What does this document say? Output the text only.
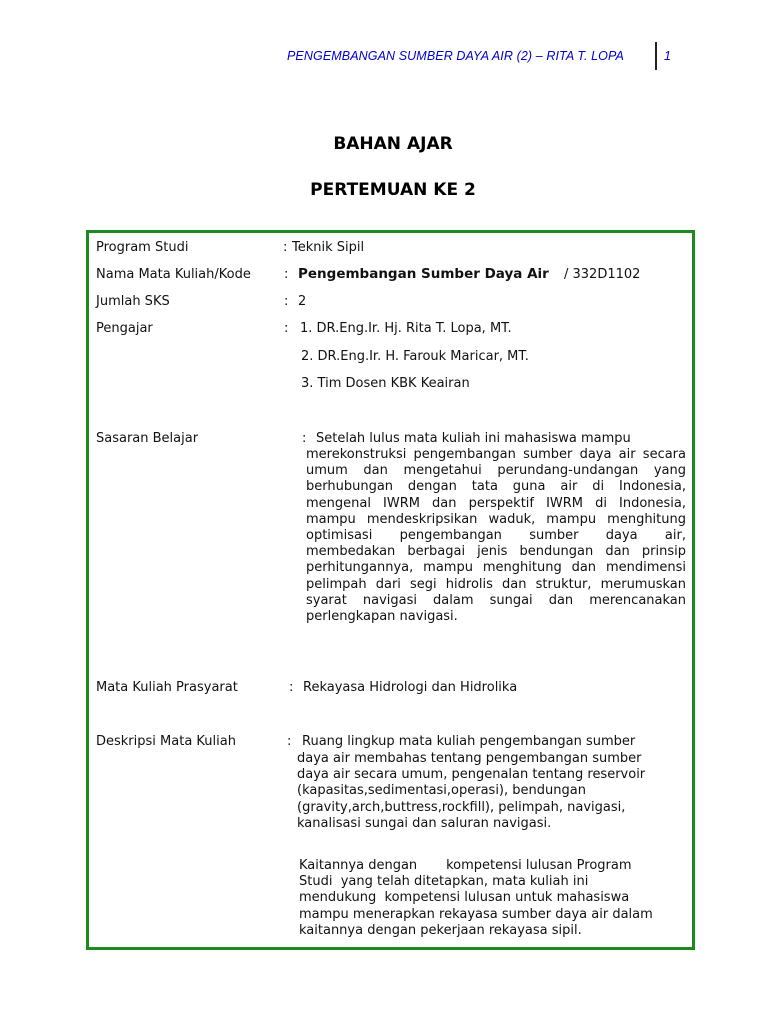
PENGEMBANGAN SUMBER DAYA AIR (2) – RITA T. LOPA	1
BAHAN AJAR
PERTEMUAN KE 2
Program Studi	: Teknik Sipil
Nama Mata Kuliah/Kode	: Pengembangan Sumber Daya Air / 332D1102
Jumlah SKS	: 2
Pengajar	: 1. DR.Eng.Ir. Hj. Rita T. Lopa, MT.
2. DR.Eng.Ir. H. Farouk Maricar, MT.
3. Tim Dosen KBK Keairan
Sasaran Belajar	: Setelah lulus mata kuliah ini mahasiswa mampu
merekonstruksi pengembangan sumber daya air secara
umum dan mengetahui perundang-undangan yang
berhubungan dengan tata guna air di Indonesia,
mengenal IWRM dan perspektif IWRM di Indonesia,
mampu mendeskripsikan waduk, mampu menghitung
optimisasi pengembangan sumber daya air,
membedakan berbagai jenis bendungan dan prinsip
perhitungannya, mampu menghitung dan mendimensi
pelimpah dari segi hidrolis dan struktur, merumuskan
syarat navigasi dalam sungai dan merencanakan
perlengkapan navigasi.
Mata Kuliah Prasyarat	: Rekayasa Hidrologi dan Hidrolika
Deskripsi Mata Kuliah	: Ruang lingkup mata kuliah pengembangan sumber
daya air membahas tentang pengembangan sumber
daya air secara umum, pengenalan tentang reservoir
(kapasitas,sedimentasi,operasi), bendungan
(gravity,arch,buttress,rockfill), pelimpah, navigasi,
kanalisasi sungai dan saluran navigasi.
Kaitannya dengan       kompetensi lulusan Program
Studi  yang telah ditetapkan, mata kuliah ini
mendukung  kompetensi lulusan untuk mahasiswa
mampu menerapkan rekayasa sumber daya air dalam
kaitannya dengan pekerjaan rekayasa sipil.
